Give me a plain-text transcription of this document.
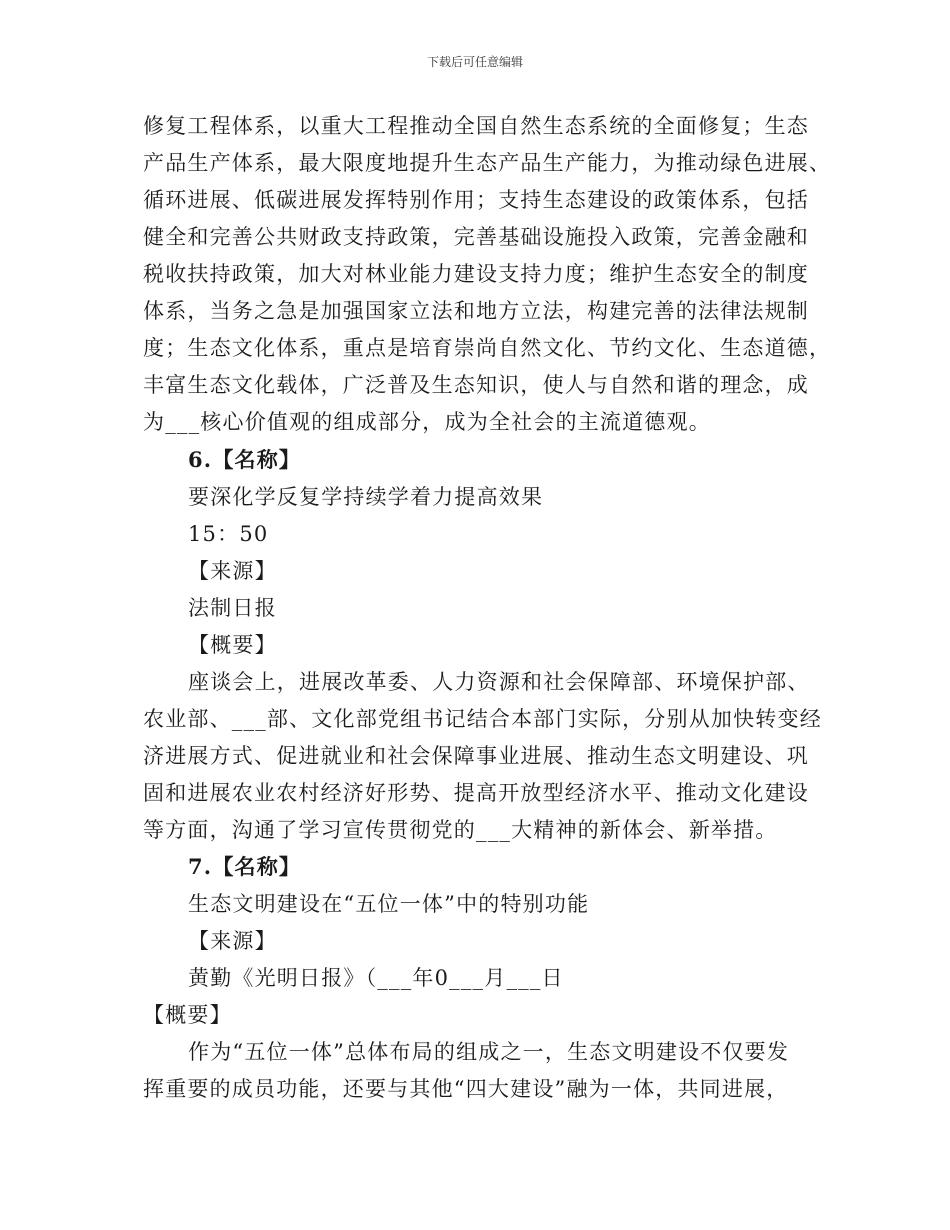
下载后可任意编辑
修复工程体系，以重大工程推动全国自然生态系统的全面修复；生态
产品生产体系，最大限度地提升生态产品生产能力，为推动绿色进展、
循环进展、低碳进展发挥特别作用；支持生态建设的政策体系，包括
健全和完善公共财政支持政策，完善基础设施投入政策，完善金融和
税收扶持政策，加大对林业能力建设支持力度；维护生态安全的制度
体系，当务之急是加强国家立法和地方立法，构建完善的法律法规制
度；生态文化体系，重点是培育崇尚自然文化、节约文化、生态道德，
丰富生态文化载体，广泛普及生态知识，使人与自然和谐的理念，成
为___核心价值观的组成部分，成为全社会的主流道德观。
6.【名称】
要深化学反复学持续学着力提高效果
15：50
【来源】
法制日报
【概要】
座谈会上，进展改革委、人力资源和社会保障部、环境保护部、
农业部、___部、文化部党组书记结合本部门实际，分别从加快转变经
济进展方式、促进就业和社会保障事业进展、推动生态文明建设、巩
固和进展农业农村经济好形势、提高开放型经济水平、推动文化建设
等方面，沟通了学习宣传贯彻党的___大精神的新体会、新举措。
7.【名称】
生态文明建设在“五位一体”中的特别功能
【来源】
黄勤《光明日报》（___年0___月___日
【概要】
作为“五位一体”总体布局的组成之一，生态文明建设不仅要发
挥重要的成员功能，还要与其他“四大建设”融为一体，共同进展，
